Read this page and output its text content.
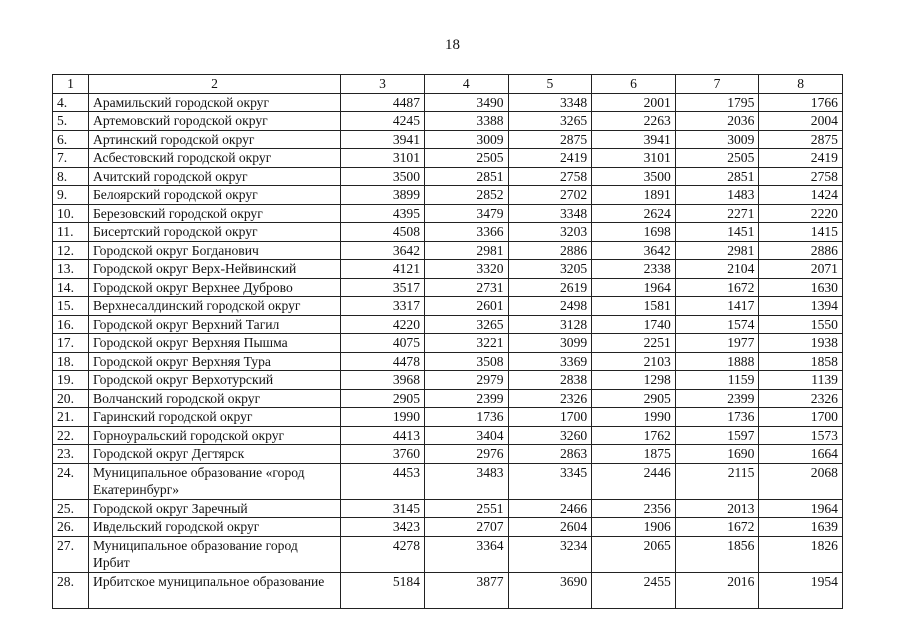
18
1	2	3	4	5	6	7	8
4.	Арамильский городской округ	4487	3490	3348	2001	1795	1766
5.	Артемовский городской округ	4245	3388	3265	2263	2036	2004
6.	Артинский городской округ	3941	3009	2875	3941	3009	2875
7.	Асбестовский городской округ	3101	2505	2419	3101	2505	2419
8.	Ачитский городской округ	3500	2851	2758	3500	2851	2758
9.	Белоярский городской округ	3899	2852	2702	1891	1483	1424
10.	Березовский городской округ	4395	3479	3348	2624	2271	2220
11.	Бисертский городской округ	4508	3366	3203	1698	1451	1415
12.	Городской округ Богданович	3642	2981	2886	3642	2981	2886
13.	Городской округ Верх-Нейвинский	4121	3320	3205	2338	2104	2071
14.	Городской округ Верхнее Дуброво	3517	2731	2619	1964	1672	1630
15.	Верхнесалдинский городской округ	3317	2601	2498	1581	1417	1394
16.	Городской округ Верхний Тагил	4220	3265	3128	1740	1574	1550
17.	Городской округ Верхняя Пышма	4075	3221	3099	2251	1977	1938
18.	Городской округ Верхняя Тура	4478	3508	3369	2103	1888	1858
19.	Городской округ Верхотурский	3968	2979	2838	1298	1159	1139
20.	Волчанский городской округ	2905	2399	2326	2905	2399	2326
21.	Гаринский городской округ	1990	1736	1700	1990	1736	1700
22.	Горноуральский городской округ	4413	3404	3260	1762	1597	1573
23.	Городской округ Дегтярск	3760	2976	2863	1875	1690	1664
24.	Муниципальное образование «город Екатеринбург»	4453	3483	3345	2446	2115	2068
25.	Городской округ Заречный	3145	2551	2466	2356	2013	1964
26.	Ивдельский городской округ	3423	2707	2604	1906	1672	1639
27.	Муниципальное образование город Ирбит	4278	3364	3234	2065	1856	1826
28.	Ирбитское муниципальное образование	5184	3877	3690	2455	2016	1954
